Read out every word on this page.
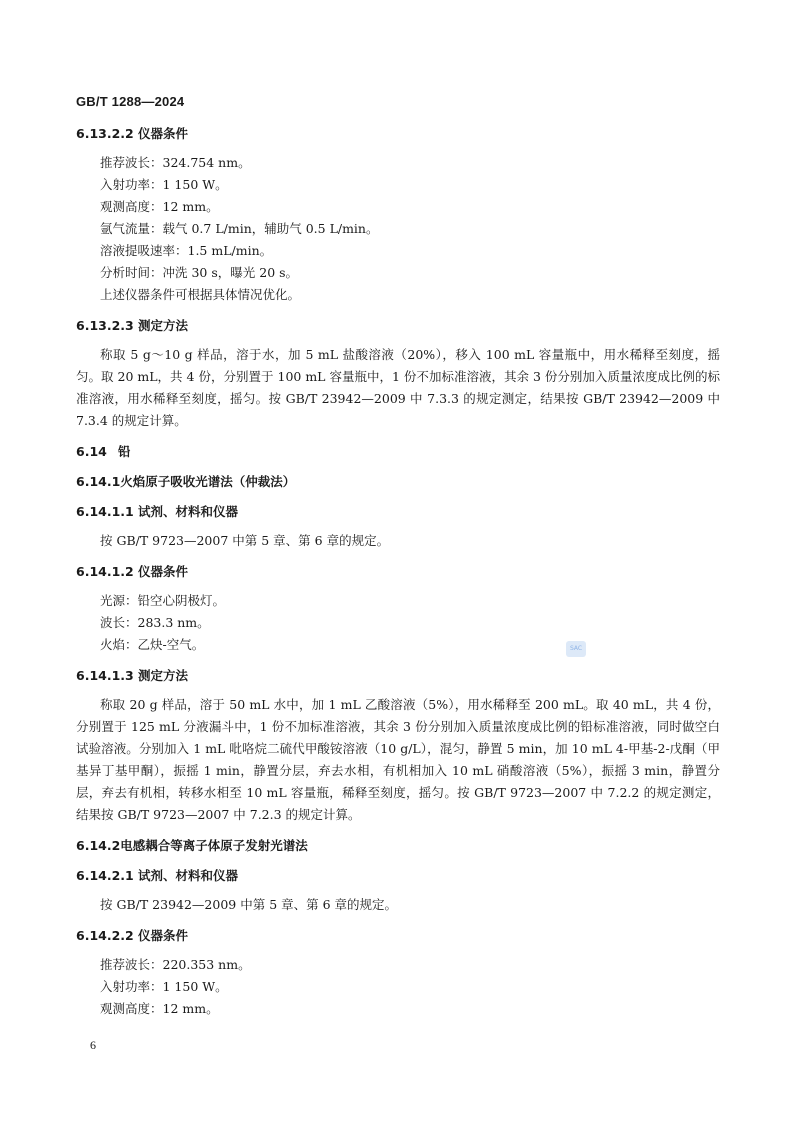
GB/T 1288—2024

6.13.2.2 仪器条件

推荐波长：324.754 nm。

入射功率：1 150 W。

观测高度：12 mm。

氩气流量：载气 0.7 L/min，辅助气 0.5 L/min。

溶液提吸速率：1.5 mL/min。

分析时间：冲洗 30 s，曝光 20 s。

上述仪器条件可根据具体情况优化。

6.13.2.3 测定方法

称取 5 g～10 g 样品，溶于水，加 5 mL 盐酸溶液（20%），移入 100 mL 容量瓶中，用水稀释至刻度，摇匀。取 20 mL，共 4 份，分别置于 100 mL 容量瓶中，1 份不加标准溶液，其余 3 份分别加入质量浓度成比例的标准溶液，用水稀释至刻度，摇匀。按 GB/T 23942—2009 中 7.3.3 的规定测定，结果按 GB/T 23942—2009 中 7.3.4 的规定计算。

6.14 铅

6.14.1火焰原子吸收光谱法（仲裁法）

6.14.1.1 试剂、材料和仪器

按 GB/T 9723—2007 中第 5 章、第 6 章的规定。

6.14.1.2 仪器条件

光源：铅空心阴极灯。

波长：283.3 nm。

火焰：乙炔-空气。

6.14.1.3 测定方法

称取 20 g 样品，溶于 50 mL 水中，加 1 mL 乙酸溶液（5%），用水稀释至 200 mL。取 40 mL，共 4 份，分别置于 125 mL 分液漏斗中，1 份不加标准溶液，其余 3 份分别加入质量浓度成比例的铅标准溶液，同时做空白试验溶液。分别加入 1 mL 吡咯烷二硫代甲酸铵溶液（10 g/L），混匀，静置 5 min，加 10 mL 4-甲基-2-戊酮（甲基异丁基甲酮），振摇 1 min，静置分层，弃去水相，有机相加入 10 mL 硝酸溶液（5%），振摇 3 min，静置分层，弃去有机相，转移水相至 10 mL 容量瓶，稀释至刻度，摇匀。按 GB/T 9723—2007 中 7.2.2 的规定测定，结果按 GB/T 9723—2007 中 7.2.3 的规定计算。

6.14.2电感耦合等离子体原子发射光谱法

6.14.2.1 试剂、材料和仪器

按 GB/T 23942—2009 中第 5 章、第 6 章的规定。

6.14.2.2 仪器条件

推荐波长：220.353 nm。

入射功率：1 150 W。

观测高度：12 mm。

SAC
6
